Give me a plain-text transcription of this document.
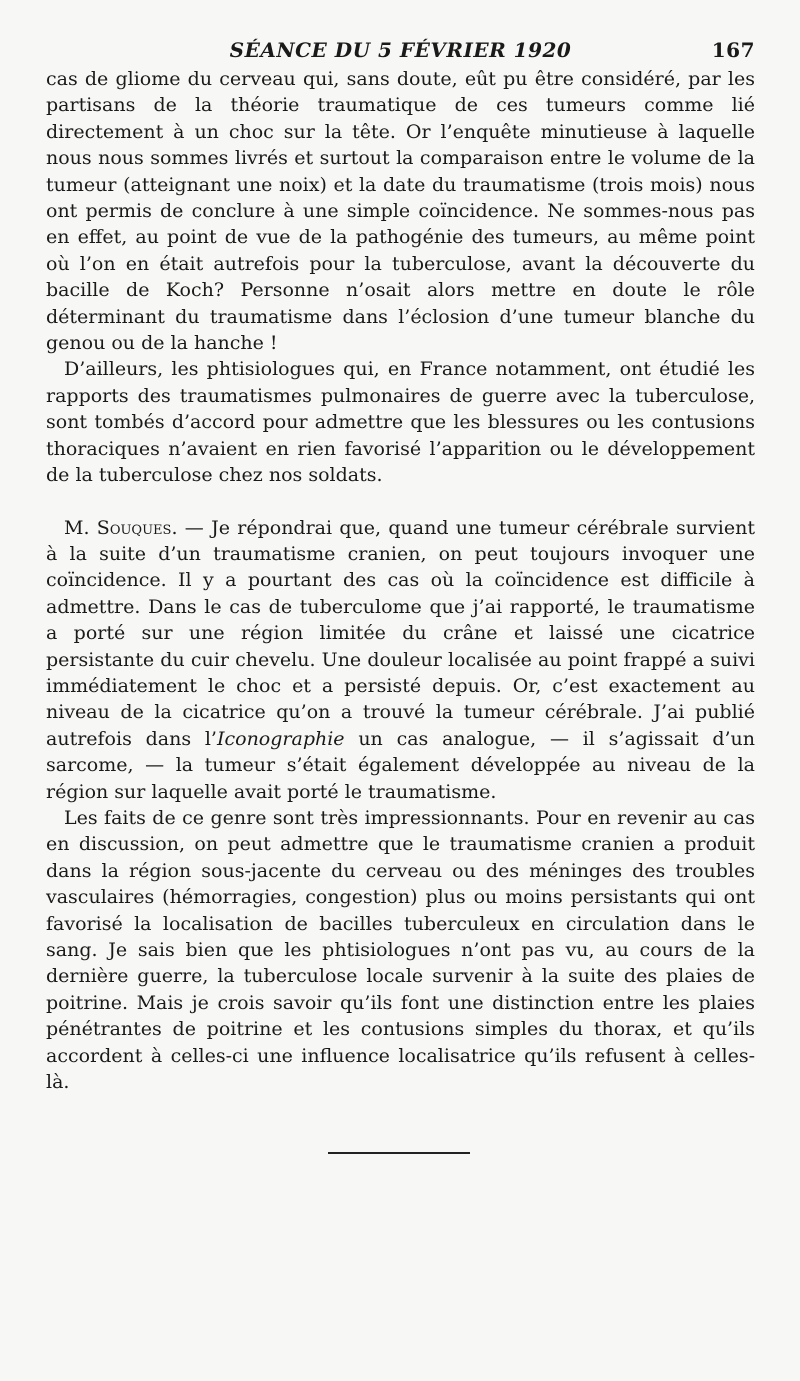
SÉANCE DU 5 FÉVRIER 1920	167

cas de gliome du cerveau qui, sans doute, eût pu être considéré, par les partisans de la théorie traumatique de ces tumeurs comme lié directement à un choc sur la tête. Or l’enquête minutieuse à laquelle nous nous sommes livrés et surtout la comparaison entre le volume de la tumeur (atteignant une noix) et la date du traumatisme (trois mois) nous ont permis de conclure à une simple coïncidence. Ne sommes-nous pas en effet, au point de vue de la pathogénie des tumeurs, au même point où l’on en était autrefois pour la tuberculose, avant la découverte du bacille de Koch? Personne n’osait alors mettre en doute le rôle déterminant du traumatisme dans l’éclosion d’une tumeur blanche du genou ou de la hanche !

D’ailleurs, les phtisiologues qui, en France notamment, ont étudié les rapports des traumatismes pulmonaires de guerre avec la tuberculose, sont tombés d’accord pour admettre que les blessures ou les contusions thoraciques n’avaient en rien favorisé l’apparition ou le développement de la tuberculose chez nos soldats.

M. Souques. — Je répondrai que, quand une tumeur cérébrale survient à la suite d’un traumatisme cranien, on peut toujours invoquer une coïncidence. Il y a pourtant des cas où la coïncidence est difficile à admettre. Dans le cas de tuberculome que j’ai rapporté, le traumatisme a porté sur une région limitée du crâne et laissé une cicatrice persistante du cuir chevelu. Une douleur localisée au point frappé a suivi immédiatement le choc et a persisté depuis. Or, c’est exactement au niveau de la cicatrice qu’on a trouvé la tumeur cérébrale. J’ai publié autrefois dans l’Iconographie un cas analogue, — il s’agissait d’un sarcome, — la tumeur s’était également développée au niveau de la région sur laquelle avait porté le traumatisme.

Les faits de ce genre sont très impressionnants. Pour en revenir au cas en discussion, on peut admettre que le traumatisme cranien a produit dans la région sous-jacente du cerveau ou des méninges des troubles vasculaires (hémorragies, congestion) plus ou moins persistants qui ont favorisé la localisation de bacilles tuberculeux en circulation dans le sang. Je sais bien que les phtisiologues n’ont pas vu, au cours de la dernière guerre, la tuberculose locale survenir à la suite des plaies de poitrine. Mais je crois savoir qu’ils font une distinction entre les plaies pénétrantes de poitrine et les contusions simples du thorax, et qu’ils accordent à celles-ci une influence localisatrice qu’ils refusent à celles-là.
